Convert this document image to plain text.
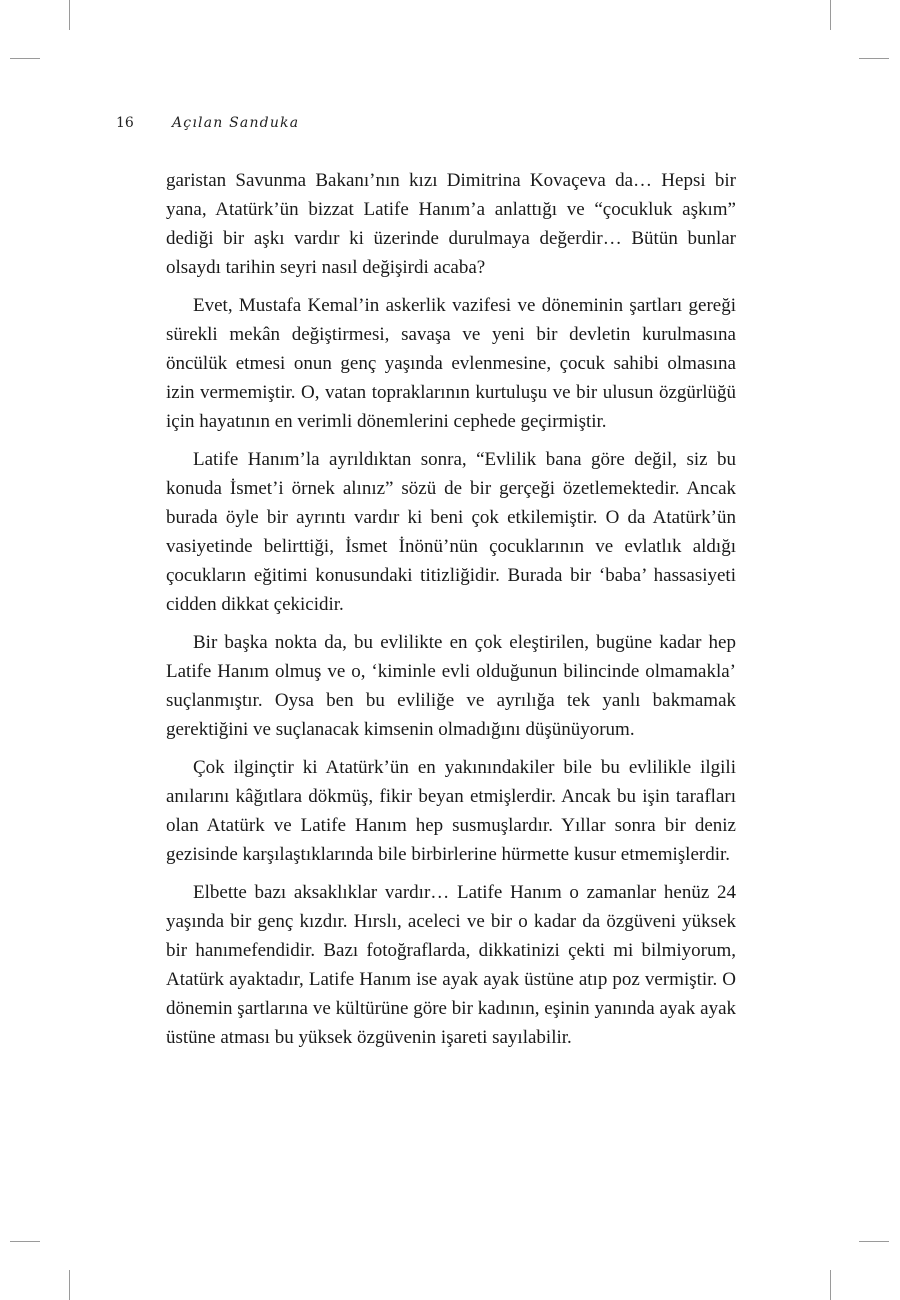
16	Açılan Sanduka

garistan Savunma Bakanı’nın kızı Dimitrina Kovaçeva da… Hepsi bir yana, Atatürk’ün bizzat Latife Hanım’a anlattığı ve “çocukluk aşkım” dediği bir aşkı vardır ki üzerinde durulmaya değerdir… Bütün bunlar olsaydı tarihin seyri nasıl değişirdi acaba?

Evet, Mustafa Kemal’in askerlik vazifesi ve döneminin şartları gereği sürekli mekân değiştirmesi, savaşa ve yeni bir devletin kurulmasına öncülük etmesi onun genç yaşında evlenmesine, çocuk sahibi olmasına izin vermemiştir. O, vatan topraklarının kurtuluşu ve bir ulusun özgürlüğü için hayatının en verimli dönemlerini cephede geçirmiştir.

Latife Hanım’la ayrıldıktan sonra, “Evlilik bana göre değil, siz bu konuda İsmet’i örnek alınız” sözü de bir gerçeği özetlemektedir. Ancak burada öyle bir ayrıntı vardır ki beni çok etkilemiştir. O da Atatürk’ün vasiyetinde belirttiği, İsmet İnönü’nün çocuklarının ve evlatlık aldığı çocukların eğitimi konusundaki titizliğidir. Burada bir ‘baba’ hassasiyeti cidden dikkat çekicidir.

Bir başka nokta da, bu evlilikte en çok eleştirilen, bugüne kadar hep Latife Hanım olmuş ve o, ‘kiminle evli olduğunun bilincinde olmamakla’ suçlanmıştır. Oysa ben bu evliliğe ve ayrılığa tek yanlı bakmamak gerektiğini ve suçlanacak kimsenin olmadığını düşünüyorum.

Çok ilginçtir ki Atatürk’ün en yakınındakiler bile bu evlilikle ilgili anılarını kâğıtlara dökmüş, fikir beyan etmişlerdir. Ancak bu işin tarafları olan Atatürk ve Latife Hanım hep susmuşlardır. Yıllar sonra bir deniz gezisinde karşılaştıklarında bile birbirlerine hürmette kusur etmemişlerdir.

Elbette bazı aksaklıklar vardır… Latife Hanım o zamanlar henüz 24 yaşında bir genç kızdır. Hırslı, aceleci ve bir o kadar da özgüveni yüksek bir hanımefendidir. Bazı fotoğraflarda, dikkatinizi çekti mi bilmiyorum, Atatürk ayaktadır, Latife Hanım ise ayak ayak üstüne atıp poz vermiştir. O dönemin şartlarına ve kültürüne göre bir kadının, eşinin yanında ayak ayak üstüne atması bu yüksek özgüvenin işareti sayılabilir.
